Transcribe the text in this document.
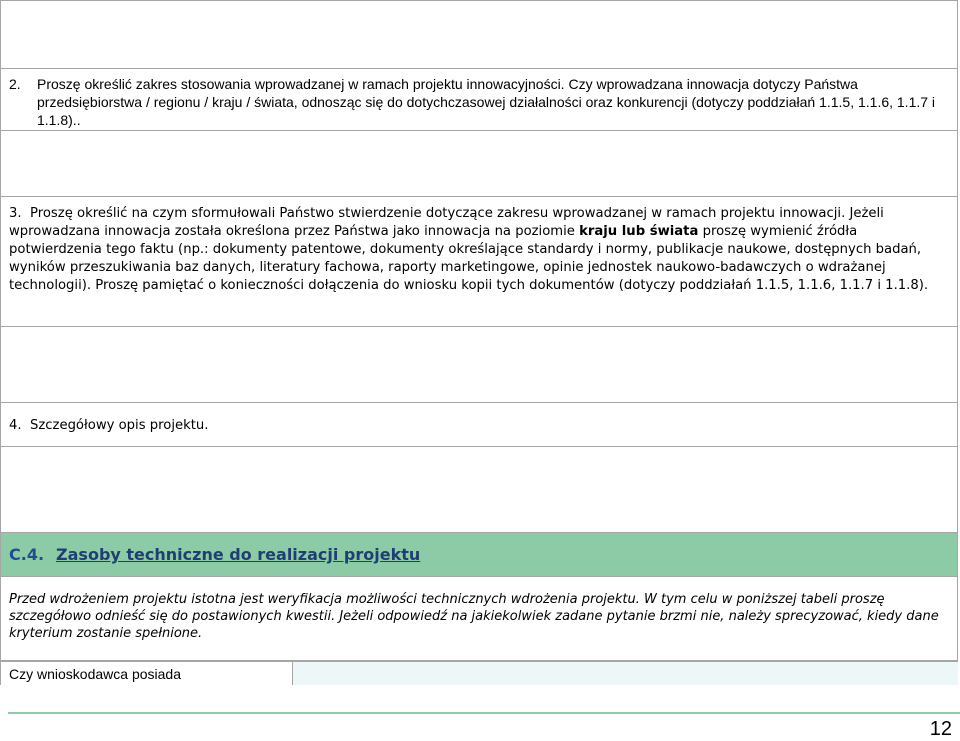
2.	Proszę określić zakres stosowania wprowadzanej w ramach projektu innowacyjności. Czy wprowadzana innowacja dotyczy Państwa przedsiębiorstwa / regionu / kraju / świata, odnosząc się do dotychczasowej działalności oraz konkurencji (dotyczy poddziałań 1.1.5, 1.1.6, 1.1.7 i 1.1.8)..
3. Proszę określić na czym sformułowali Państwo stwierdzenie dotyczące zakresu wprowadzanej w ramach projektu innowacji. Jeżeli wprowadzana innowacja została określona przez Państwa jako innowacja na poziomie kraju lub świata proszę wymienić źródła potwierdzenia tego faktu (np.: dokumenty patentowe, dokumenty określające standardy i normy, publikacje naukowe, dostępnych badań, wyników przeszukiwania baz danych, literatury fachowa, raporty marketingowe, opinie jednostek naukowo-badawczych o wdrażanej technologii). Proszę pamiętać o konieczności dołączenia do wniosku kopii tych dokumentów (dotyczy poddziałań 1.1.5, 1.1.6, 1.1.7 i 1.1.8).
4. Szczegółowy opis projektu.
C.4. Zasoby techniczne do realizacji projektu
Przed wdrożeniem projektu istotna jest weryfikacja możliwości technicznych wdrożenia projektu. W tym celu w poniższej tabeli proszę szczegółowo odnieść się do postawionych kwestii. Jeżeli odpowiedź na jakiekolwiek zadane pytanie brzmi nie, należy sprecyzować, kiedy dane kryterium zostanie spełnione.
Czy wnioskodawca posiada
12
